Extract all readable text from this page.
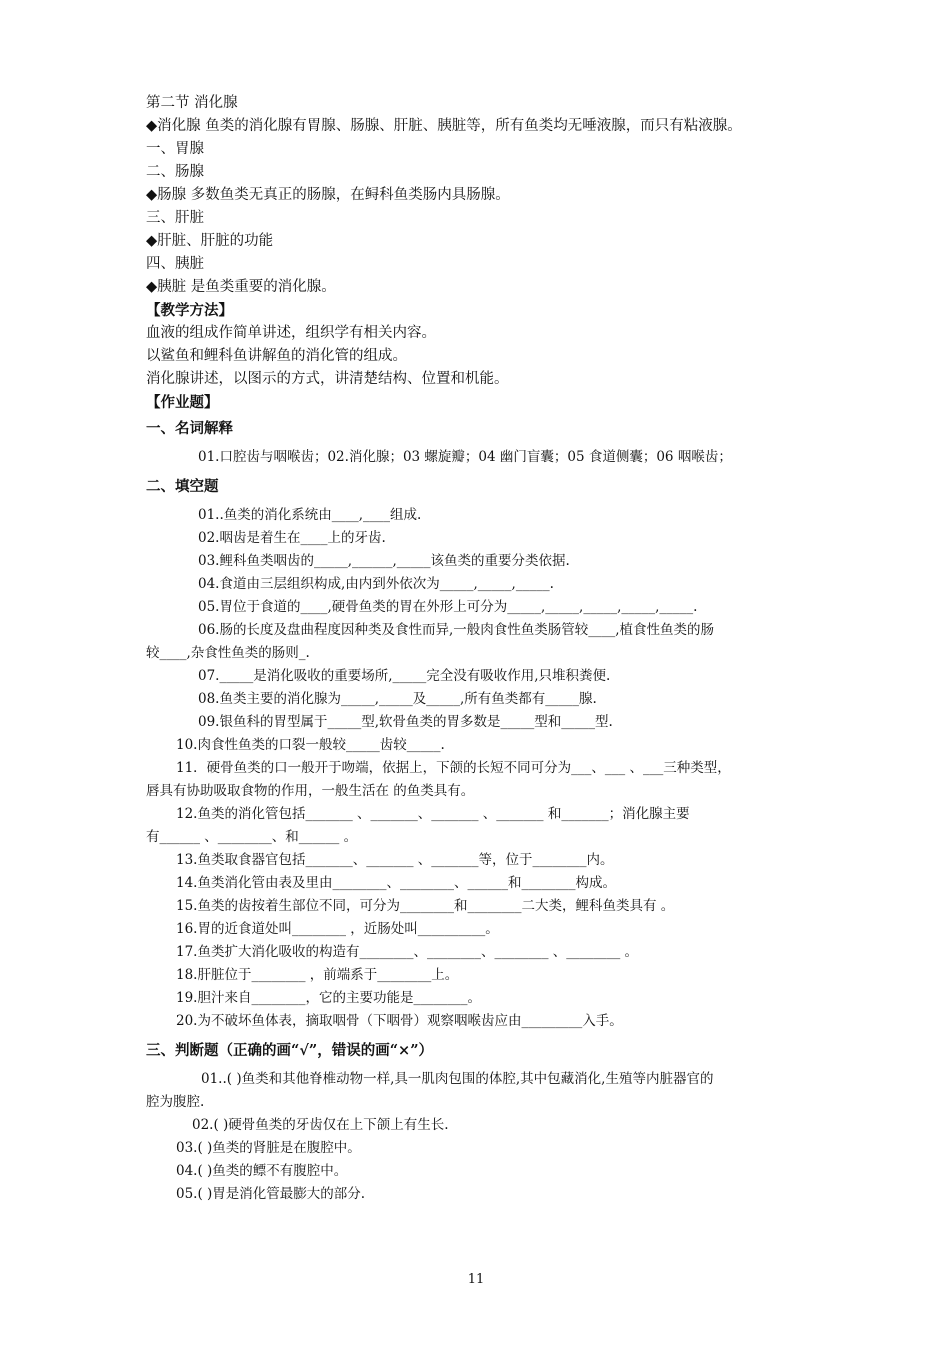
第二节 消化腺
◆消化腺 鱼类的消化腺有胃腺、肠腺、肝脏、胰脏等，所有鱼类均无唾液腺，而只有粘液腺。
一、胃腺
二、肠腺
◆肠腺 多数鱼类无真正的肠腺，在鲟科鱼类肠内具肠腺。
三、肝脏
◆肝脏、肝脏的功能
四、胰脏
◆胰脏 是鱼类重要的消化腺。
【教学方法】
血液的组成作简单讲述，组织学有相关内容。
以鲨鱼和鲤科鱼讲解鱼的消化管的组成。
消化腺讲述，以图示的方式，讲清楚结构、位置和机能。
【作业题】
一、名词解释
01.口腔齿与咽喉齿；02.消化腺；03 螺旋瓣；04 幽门盲囊；05 食道侧囊；06 咽喉齿；
二、填空题
01..鱼类的消化系统由____,____组成.
02.咽齿是着生在____上的牙齿.
03.鲤科鱼类咽齿的_____,______,_____该鱼类的重要分类依据.
04.食道由三层组织构成,由内到外依次为_____,_____,_____.
05.胃位于食道的____,硬骨鱼类的胃在外形上可分为_____,_____,_____,_____,_____.
06.肠的长度及盘曲程度因种类及食性而异,一般肉食性鱼类肠管较____,植食性鱼类的肠
较____,杂食性鱼类的肠则_.
07._____是消化吸收的重要场所,_____完全没有吸收作用,只堆积粪便.
08.鱼类主要的消化腺为_____,_____及_____,所有鱼类都有_____腺.
09.银鱼科的胃型属于_____型,软骨鱼类的胃多数是_____型和_____型.
10.肉食性鱼类的口裂一般较_____齿较_____.
11．硬骨鱼类的口一般开于吻端，依据上，下颌的长短不同可分为___、___ 、___三种类型，
唇具有协助吸取食物的作用，一般生活在 的鱼类具有。
12.鱼类的消化管包括_______ 、_______、_______ 、_______ 和_______；消化腺主要
有______ 、________、和______ 。
13.鱼类取食器官包括_______、_______ 、_______等，位于________内。
14.鱼类消化管由表及里由________、________、______和________构成。
15.鱼类的齿按着生部位不同，可分为________和________二大类，鲤科鱼类具有 。
16.胃的近食道处叫________ ，近肠处叫__________。
17.鱼类扩大消化吸收的构造有________、________、________ 、________ 。
18.肝脏位于________ ，前端系于________上。
19.胆汁来自________，它的主要功能是________。
20.为不破坏鱼体表，摘取咽骨（下咽骨）观察咽喉齿应由_________入手。
三、判断题（正确的画“√”，错误的画“×”）
01..( )鱼类和其他脊椎动物一样,具一肌肉包围的体腔,其中包藏消化,生殖等内脏器官的
腔为腹腔.
02.( )硬骨鱼类的牙齿仅在上下颌上有生长.
03.( )鱼类的肾脏是在腹腔中。
04.( )鱼类的鳔不有腹腔中。
05.( )胃是消化管最膨大的部分.
11
